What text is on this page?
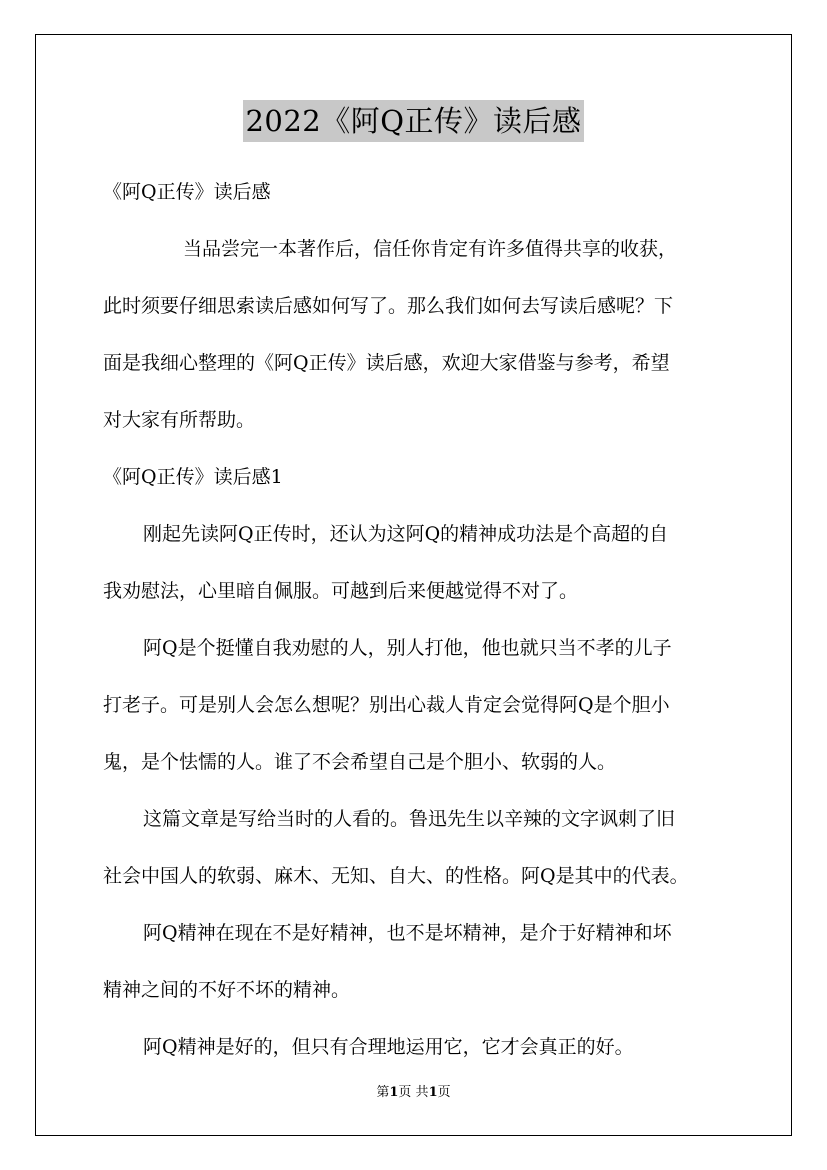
2022《阿Q正传》读后感
《阿Q正传》读后感
当品尝完一本著作后，信任你肯定有许多值得共享的收获，
此时须要仔细思索读后感如何写了。那么我们如何去写读后感呢？下
面是我细心整理的《阿Q正传》读后感，欢迎大家借鉴与参考，希望
对大家有所帮助。
《阿Q正传》读后感1
刚起先读阿Q正传时，还认为这阿Q的精神成功法是个高超的自
我劝慰法，心里暗自佩服。可越到后来便越觉得不对了。
阿Q是个挺懂自我劝慰的人，别人打他，他也就只当不孝的儿子
打老子。可是别人会怎么想呢？别出心裁人肯定会觉得阿Q是个胆小
鬼，是个怯懦的人。谁了不会希望自己是个胆小、软弱的人。
这篇文章是写给当时的人看的。鲁迅先生以辛辣的文字讽刺了旧
社会中国人的软弱、麻木、无知、自大、的性格。阿Q是其中的代表。
阿Q精神在现在不是好精神，也不是坏精神，是介于好精神和坏
精神之间的不好不坏的精神。
阿Q精神是好的，但只有合理地运用它，它才会真正的好。
第1页 共1页
